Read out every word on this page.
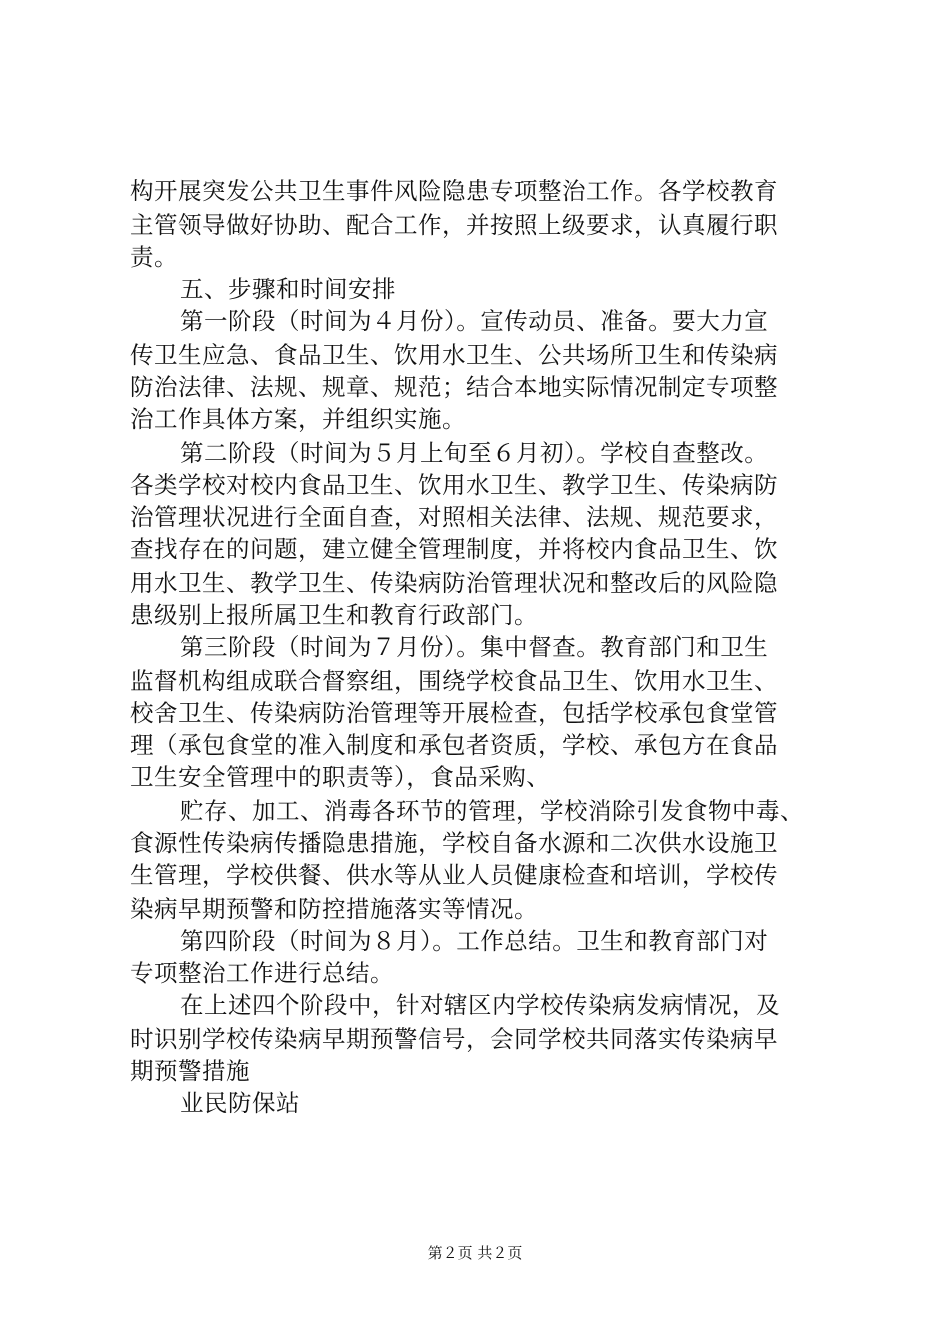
构开展突发公共卫生事件风险隐患专项整治工作。各学校教育
主管领导做好协助、配合工作，并按照上级要求，认真履行职
责。
五、步骤和时间安排
第一阶段（时间为４月份）。宣传动员、准备。要大力宣
传卫生应急、食品卫生、饮用水卫生、公共场所卫生和传染病
防治法律、法规、规章、规范；结合本地实际情况制定专项整
治工作具体方案，并组织实施。
第二阶段（时间为５月上旬至６月初）。学校自查整改。
各类学校对校内食品卫生、饮用水卫生、教学卫生、传染病防
治管理状况进行全面自查，对照相关法律、法规、规范要求，
查找存在的问题，建立健全管理制度，并将校内食品卫生、饮
用水卫生、教学卫生、传染病防治管理状况和整改后的风险隐
患级别上报所属卫生和教育行政部门。
第三阶段（时间为７月份）。集中督查。教育部门和卫生
监督机构组成联合督察组，围绕学校食品卫生、饮用水卫生、
校舍卫生、传染病防治管理等开展检查，包括学校承包食堂管
理（承包食堂的准入制度和承包者资质，学校、承包方在食品
卫生安全管理中的职责等），食品采购、
贮存、加工、消毒各环节的管理，学校消除引发食物中毒、
食源性传染病传播隐患措施，学校自备水源和二次供水设施卫
生管理，学校供餐、供水等从业人员健康检查和培训，学校传
染病早期预警和防控措施落实等情况。
第四阶段（时间为８月）。工作总结。卫生和教育部门对
专项整治工作进行总结。
在上述四个阶段中，针对辖区内学校传染病发病情况，及
时识别学校传染病早期预警信号，会同学校共同落实传染病早
期预警措施
业民防保站
第２页 共２页
